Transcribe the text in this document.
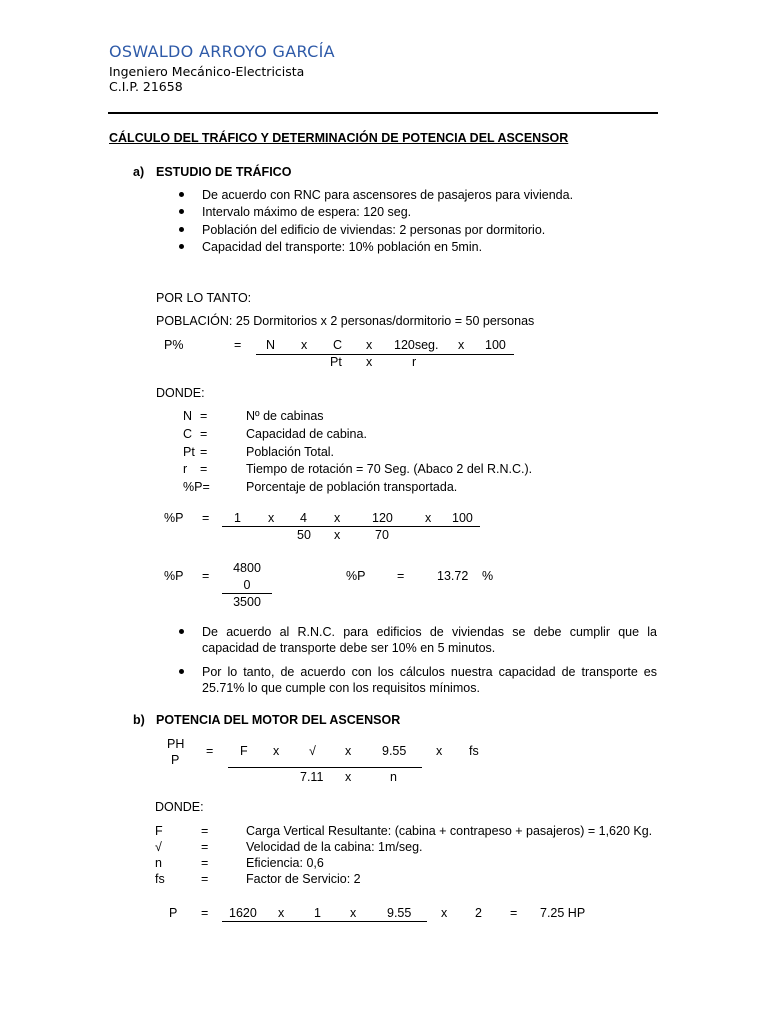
OSWALDO ARROYO GARCÍA
Ingeniero Mecánico-Electricista
C.I.P. 21658
CÁLCULO DEL TRÁFICO Y DETERMINACIÓN DE POTENCIA DEL ASCENSOR
a) ESTUDIO DE TRÁFICO
De acuerdo con RNC para ascensores de pasajeros para vivienda.
Intervalo máximo de espera: 120 seg.
Población del edificio de viviendas: 2 personas por dormitorio.
Capacidad del transporte: 10% población en 5min.
POR LO TANTO:
POBLACIÓN: 25 Dormitorios x 2 personas/dormitorio = 50 personas
P%	= N x C x 120seg. x 100
Pt x	r
DONDE:
N =	Nº de cabinas
C =	Capacidad de cabina.
Pt =	Población Total.
r =	Tiempo de rotación = 70 Seg. (Abaco 2 del R.N.C.).
%P=	Porcentaje de población transportada.
%P = 1 x 4 x	120	x 100
50 x	70
%P =
4800
0
3500
%P	=	13.72 %
De acuerdo al R.N.C. para edificios de viviendas se debe cumplir que la capacidad de transporte debe ser 10% en 5 minutos.
Por lo tanto, de acuerdo con los cálculos nuestra capacidad de transporte es 25.71% lo que cumple con los requisitos mínimos.
b) POTENCIA DEL MOTOR DEL ASCENSOR
PH
P
= F x √ x 9.55 x fs
7.11 x	n
DONDE:
F	=	Carga Vertical Resultante: (cabina + contrapeso + pasajeros) = 1,620 Kg.
√	=	Velocidad de la cabina: 1m/seg.
n	=	Eficiencia: 0,6
fs	=	Factor de Servicio: 2
P = 1620 x 1 x 9.55 x 2 = 7.25 HP
